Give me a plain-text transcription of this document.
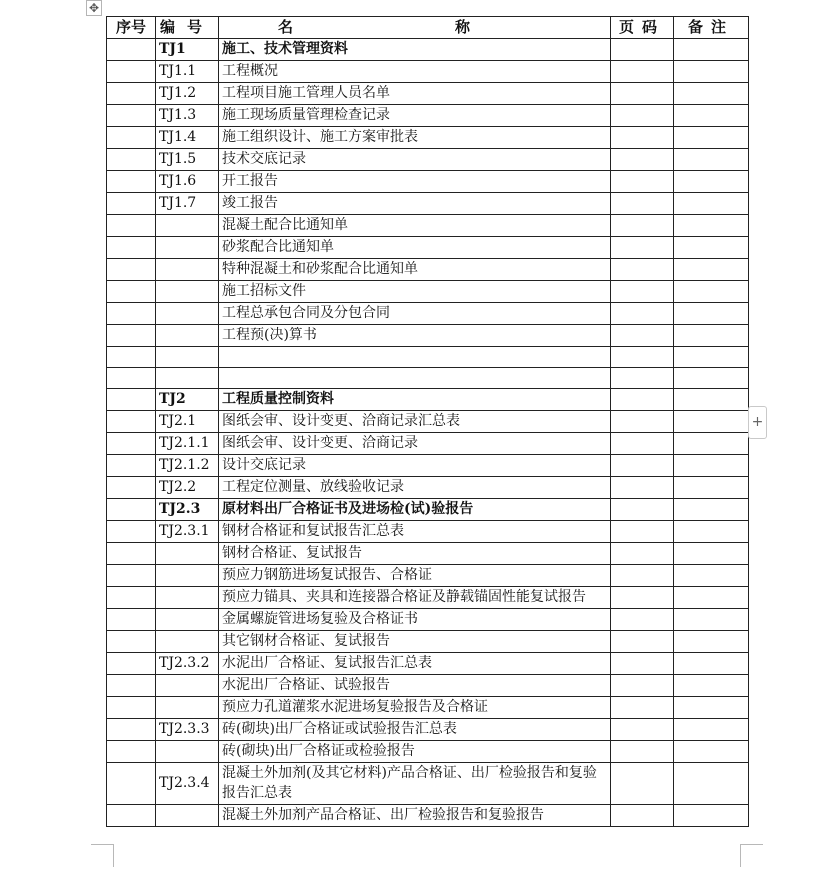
✥
序号	编号	名 称	页码	备注
	TJ1	施工、技术管理资料		
	TJ1.1	工程概况		
	TJ1.2	工程项目施工管理人员名单		
	TJ1.3	施工现场质量管理检查记录		
	TJ1.4	施工组织设计、施工方案审批表		
	TJ1.5	技术交底记录		
	TJ1.6	开工报告		
	TJ1.7	竣工报告		
		混凝土配合比通知单		
		砂浆配合比通知单		
		特种混凝土和砂浆配合比通知单		
		施工招标文件		
		工程总承包合同及分包合同		
		工程预(决)算书		

	TJ2	工程质量控制资料		
	TJ2.1	图纸会审、设计变更、洽商记录汇总表		
	TJ2.1.1	图纸会审、设计变更、洽商记录		
	TJ2.1.2	设计交底记录		
	TJ2.2	工程定位测量、放线验收记录		
	TJ2.3	原材料出厂合格证书及进场检(试)验报告		
	TJ2.3.1	钢材合格证和复试报告汇总表		
		钢材合格证、复试报告		
		预应力钢筋进场复试报告、合格证		
		预应力锚具、夹具和连接器合格证及静载锚固性能复试报告		
		金属螺旋管进场复验及合格证书		
		其它钢材合格证、复试报告		
	TJ2.3.2	水泥出厂合格证、复试报告汇总表		
		水泥出厂合格证、试验报告		
		预应力孔道灌浆水泥进场复验报告及合格证		
	TJ2.3.3	砖(砌块)出厂合格证或试验报告汇总表		
		砖(砌块)出厂合格证或检验报告		
	TJ2.3.4	混凝土外加剂(及其它材料)产品合格证、出厂检验报告和复验报告汇总表		
		混凝土外加剂产品合格证、出厂检验报告和复验报告		
+
